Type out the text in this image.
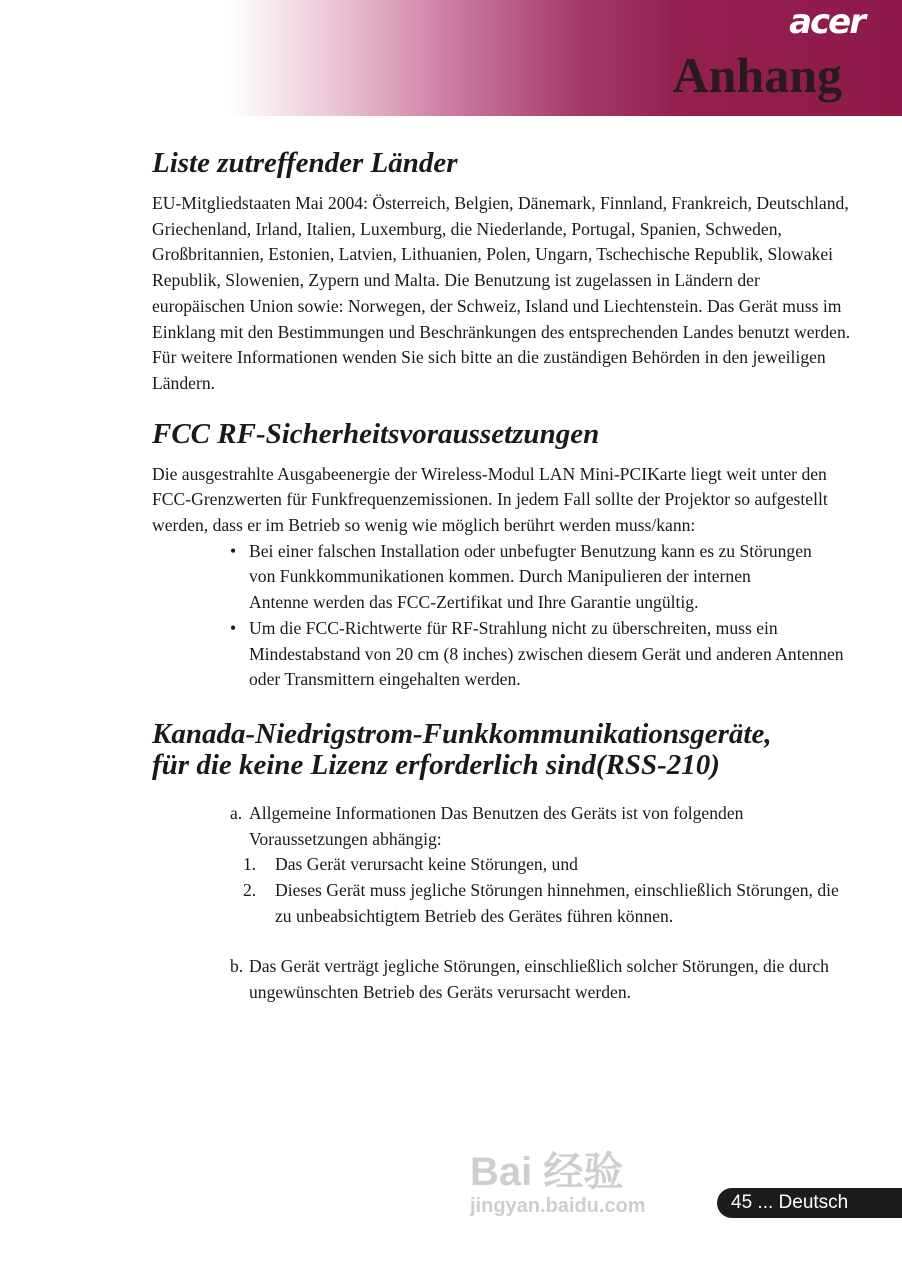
acer
Anhang
Liste zutreffender Länder
EU-Mitgliedstaaten Mai 2004: Österreich, Belgien, Dänemark, Finnland, Frankreich, Deutschland, Griechenland, Irland, Italien, Luxemburg, die Niederlande, Portugal, Spanien, Schweden, Großbritannien, Estonien, Latvien, Lithuanien, Polen, Ungarn, Tschechische Republik, Slowakei Republik, Slowenien, Zypern und Malta. Die Benutzung ist zugelassen in Ländern der europäischen Union sowie: Norwegen, der Schweiz, Island und Liechtenstein. Das Gerät muss im Einklang mit den Bestimmungen und Beschränkungen des entsprechenden Landes benutzt werden. Für weitere Informationen wenden Sie sich bitte an die zuständigen Behörden in den jeweiligen Ländern.
FCC RF-Sicherheitsvoraussetzungen
Die ausgestrahlte Ausgabeenergie der Wireless-Modul LAN Mini-PCIKarte liegt weit unter den FCC-Grenzwerten für Funkfrequenzemissionen. In jedem Fall sollte der Projektor so aufgestellt werden, dass er im Betrieb so wenig wie möglich berührt werden muss/kann:
• Bei einer falschen Installation oder unbefugter Benutzung kann es zu Störungen von Funkkommunikationen kommen. Durch Manipulieren der internen Antenne werden das FCC-Zertifikat und Ihre Garantie ungültig.
• Um die FCC-Richtwerte für RF-Strahlung nicht zu überschreiten, muss ein Mindestabstand von 20 cm (8 inches) zwischen diesem Gerät und anderen Antennen oder Transmittern eingehalten werden.
Kanada-Niedrigstrom-Funkkommunikationsgeräte,
für die keine Lizenz erforderlich sind(RSS-210)
a. Allgemeine Informationen Das Benutzen des Geräts ist von folgenden Voraussetzungen abhängig:
1. Das Gerät verursacht keine Störungen, und
2. Dieses Gerät muss jegliche Störungen hinnehmen, einschließlich Störungen, die zu unbeabsichtigtem Betrieb des Gerätes führen können.
b. Das Gerät verträgt jegliche Störungen, einschließlich solcher Störungen, die durch ungewünschten Betrieb des Geräts verursacht werden.
Bai 经验
jingyan.baidu.com	45 ... Deutsch
